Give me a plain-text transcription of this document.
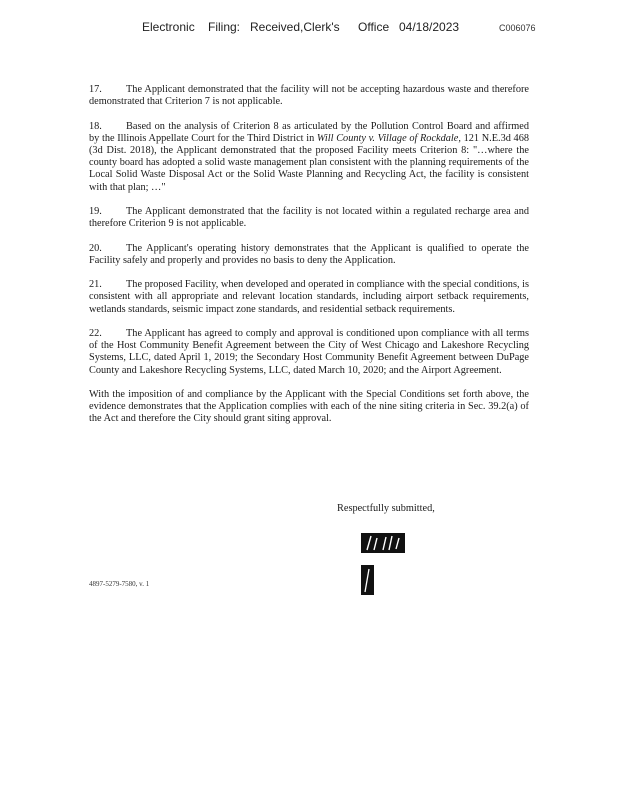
Electronic Filing: Received,Clerk's Office 04/18/2023	C006076

17. The Applicant demonstrated that the facility will not be accepting hazardous waste and therefore demonstrated that Criterion 7 is not applicable.

18. Based on the analysis of Criterion 8 as articulated by the Pollution Control Board and affirmed by the Illinois Appellate Court for the Third District in Will County v. Village of Rockdale, 121 N.E.3d 468 (3d Dist. 2018), the Applicant demonstrated that the proposed Facility meets Criterion 8: "…where the county board has adopted a solid waste management plan consistent with the planning requirements of the Local Solid Waste Disposal Act or the Solid Waste Planning and Recycling Act, the facility is consistent with that plan; …"

19. The Applicant demonstrated that the facility is not located within a regulated recharge area and therefore Criterion 9 is not applicable.

20. The Applicant's operating history demonstrates that the Applicant is qualified to operate the Facility safely and properly and provides no basis to deny the Application.

21. The proposed Facility, when developed and operated in compliance with the special conditions, is consistent with all appropriate and relevant location standards, including airport setback requirements, wetlands standards, seismic impact zone standards, and residential setback requirements.

22. The Applicant has agreed to comply and approval is conditioned upon compliance with all terms of the Host Community Benefit Agreement between the City of West Chicago and Lakeshore Recycling Systems, LLC, dated April 1, 2019; the Secondary Host Community Benefit Agreement between DuPage County and Lakeshore Recycling Systems, LLC, dated March 10, 2020; and the Airport Agreement.

With the imposition of and compliance by the Applicant with the Special Conditions set forth above, the evidence demonstrates that the Application complies with each of the nine siting criteria in Sec. 39.2(a) of the Act and therefore the City should grant siting approval.

Respectfully submitted,
4897-5279-7580, v. 1
